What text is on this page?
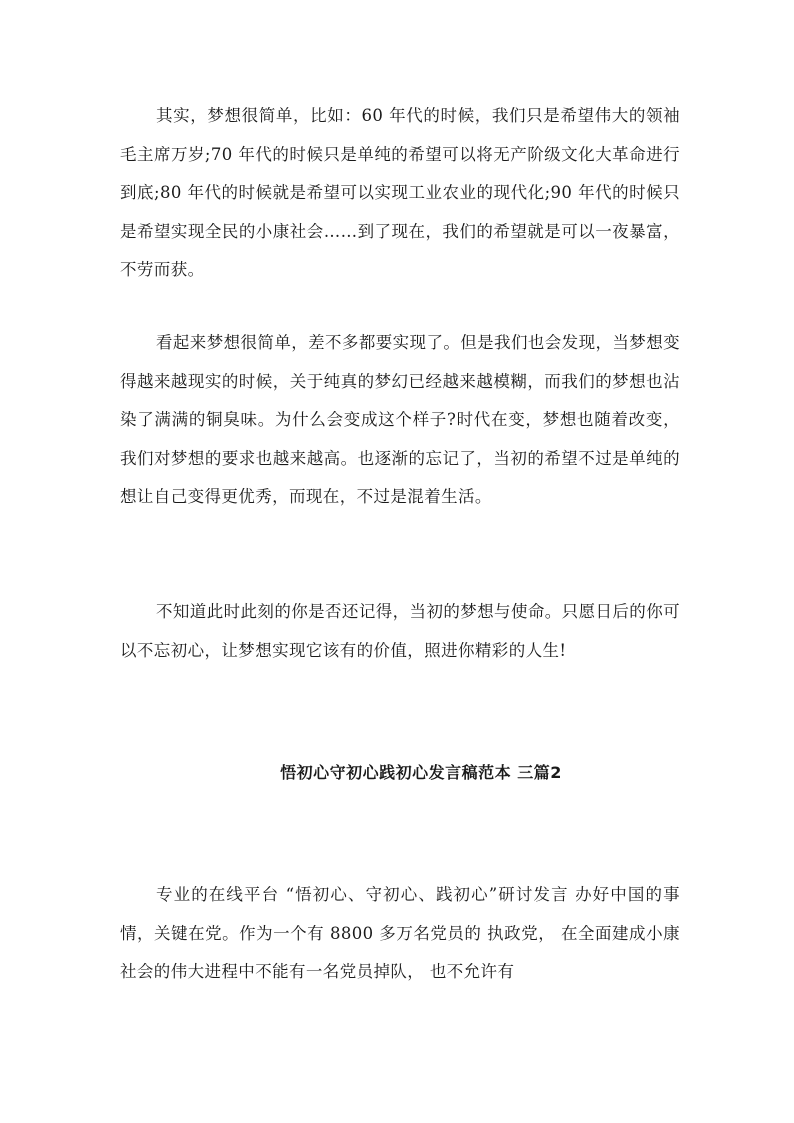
其实，梦想很简单，比如：60 年代的时候，我们只是希望伟大的领袖毛主席万岁;70 年代的时候只是单纯的希望可以将无产阶级文化大革命进行到底;80 年代的时候就是希望可以实现工业农业的现代化;90 年代的时候只是希望实现全民的小康社会……到了现在，我们的希望就是可以一夜暴富，不劳而获。

看起来梦想很简单，差不多都要实现了。但是我们也会发现，当梦想变得越来越现实的时候，关于纯真的梦幻已经越来越模糊，而我们的梦想也沾染了满满的铜臭味。为什么会变成这个样子?时代在变，梦想也随着改变，我们对梦想的要求也越来越高。也逐渐的忘记了，当初的希望不过是单纯的想让自己变得更优秀，而现在，不过是混着生活。

不知道此时此刻的你是否还记得，当初的梦想与使命。只愿日后的你可以不忘初心，让梦想实现它该有的价值，照进你精彩的人生!

悟初心守初心践初心发言稿范本 三篇2

专业的在线平台 “悟初心、守初心、践初心”研讨发言 办好中国的事情，关键在党。作为一个有 8800 多万名党员的 执政党， 在全面建成小康社会的伟大进程中不能有一名党员掉队， 也不允许有
